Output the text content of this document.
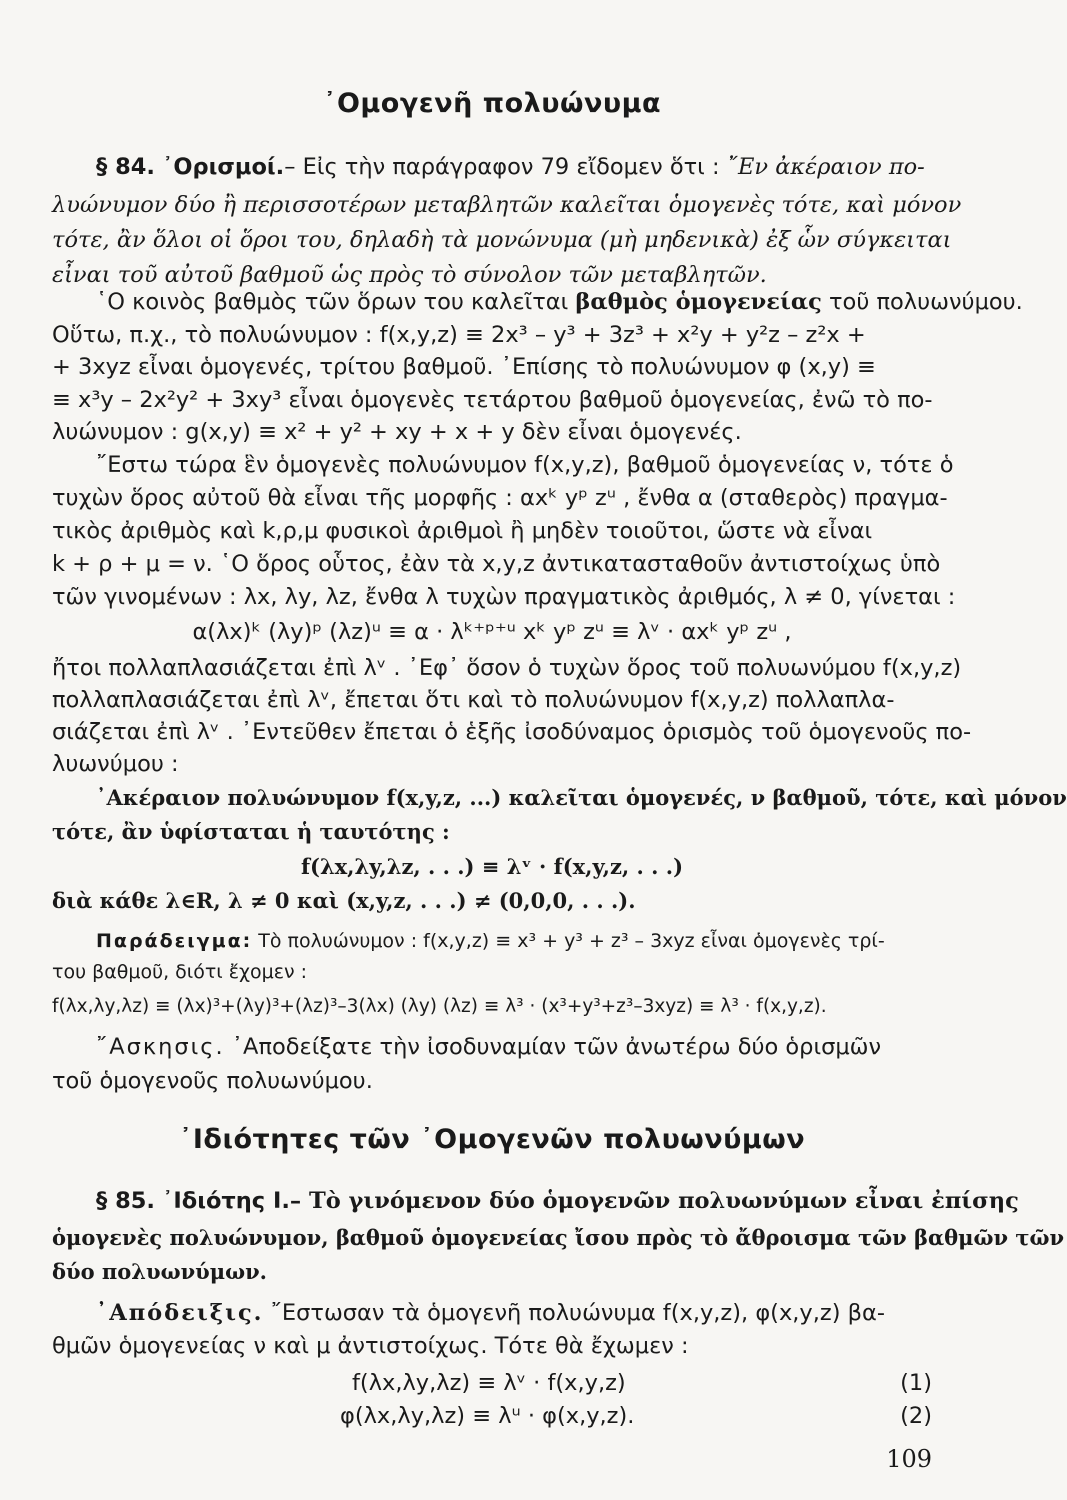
᾽Ομογενῆ πολυώνυμα
§ 84. ᾽Ορισμοί.– Εἰς τὴν παράγραφον 79 εἴδομεν ὅτι : ῎Εν ἀκέραιον πο-
λυώνυμον δύο ἢ περισσοτέρων μεταβλητῶν καλεῖται ὁμογενὲς τότε, καὶ μόνον
τότε, ἂν ὅλοι οἱ ὅροι του, δηλαδὴ τὰ μονώνυμα (μὴ μηδενικὰ) ἐξ ὧν σύγκειται
εἶναι τοῦ αὐτοῦ βαθμοῦ ὡς πρὸς τὸ σύνολον τῶν μεταβλητῶν.
῾Ο κοινὸς βαθμὸς τῶν ὅρων του καλεῖται βαθμὸς ὁμογενείας τοῦ πολυωνύμου.
Οὕτω, π.χ., τὸ πολυώνυμον : f(x,y,z) ≡ 2x³ – y³ + 3z³ + x²y + y²z – z²x +
+ 3xyz εἶναι ὁμογενές, τρίτου βαθμοῦ. ᾽Επίσης τὸ πολυώνυμον φ (x,y) ≡
≡ x³y – 2x²y² + 3xy³ εἶναι ὁμογενὲς τετάρτου βαθμοῦ ὁμογενείας, ἐνῶ τὸ πο-
λυώνυμον : g(x,y) ≡ x² + y² + xy + x + y δὲν εἶναι ὁμογενές.
῎Εστω τώρα ἓν ὁμογενὲς πολυώνυμον f(x,y,z), βαθμοῦ ὁμογενείας ν, τότε ὁ
τυχὼν ὅρος αὐτοῦ θὰ εἶναι τῆς μορφῆς : αxᵏ yᵖ zᵘ , ἔνθα α (σταθερὸς) πραγμα-
τικὸς ἀριθμὸς καὶ k,ρ,μ φυσικοὶ ἀριθμοὶ ἢ μηδὲν τοιοῦτοι, ὥστε νὰ εἶναι
k + ρ + μ = ν. ῾Ο ὅρος οὗτος, ἐὰν τὰ x,y,z ἀντικατασταθοῦν ἀντιστοίχως ὑπὸ
τῶν γινομένων : λx, λy, λz, ἔνθα λ τυχὼν πραγματικὸς ἀριθμός, λ ≠ 0, γίνεται :
α(λx)ᵏ (λy)ᵖ (λz)ᵘ ≡ α · λᵏ⁺ᵖ⁺ᵘ xᵏ yᵖ zᵘ ≡ λᵛ · αxᵏ yᵖ zᵘ ,
ἤτοι πολλαπλασιάζεται ἐπὶ λᵛ . ᾽Εφ᾽ ὅσον ὁ τυχὼν ὅρος τοῦ πολυωνύμου f(x,y,z)
πολλαπλασιάζεται ἐπὶ λᵛ, ἔπεται ὅτι καὶ τὸ πολυώνυμον f(x,y,z) πολλαπλα-
σιάζεται ἐπὶ λᵛ . ᾽Εντεῦθεν ἔπεται ὁ ἑξῆς ἰσοδύναμος ὁρισμὸς τοῦ ὁμογενοῦς πο-
λυωνύμου :
᾽Ακέραιον πολυώνυμον f(x,y,z, ...) καλεῖται ὁμογενές, ν βαθμοῦ, τότε, καὶ μόνον
τότε, ἂν ὑφίσταται ἡ ταυτότης :
f(λx,λy,λz, . . .) ≡ λᵛ · f(x,y,z, . . .)
διὰ κάθε λ∈R, λ ≠ 0 καὶ (x,y,z, . . .) ≠ (0,0,0, . . .).
Παράδειγμα: Τὸ πολυώνυμον : f(x,y,z) ≡ x³ + y³ + z³ – 3xyz εἶναι ὁμογενὲς τρί-
του βαθμοῦ, διότι ἔχομεν :
f(λx,λy,λz) ≡ (λx)³+(λy)³+(λz)³–3(λx) (λy) (λz) ≡ λ³ · (x³+y³+z³–3xyz) ≡ λ³ · f(x,y,z).
῎Ασκησις. ᾽Αποδείξατε τὴν ἰσοδυναμίαν τῶν ἀνωτέρω δύο ὁρισμῶν
τοῦ ὁμογενοῦς πολυωνύμου.
᾽Ιδιότητες τῶν ᾽Ομογενῶν πολυωνύμων
§ 85. ᾽Ιδιότης Ι.– Τὸ γινόμενον δύο ὁμογενῶν πολυωνύμων εἶναι ἐπίσης
ὁμογενὲς πολυώνυμον, βαθμοῦ ὁμογενείας ἴσου πρὸς τὸ ἄθροισμα τῶν βαθμῶν τῶν
δύο πολυωνύμων.
᾽Απόδειξις. ῎Εστωσαν τὰ ὁμογενῆ πολυώνυμα f(x,y,z), φ(x,y,z) βα-
θμῶν ὁμογενείας ν καὶ μ ἀντιστοίχως. Τότε θὰ ἔχωμεν :
f(λx,λy,λz) ≡ λᵛ · f(x,y,z)	(1)
φ(λx,λy,λz) ≡ λᵘ · φ(x,y,z).	(2)
109
